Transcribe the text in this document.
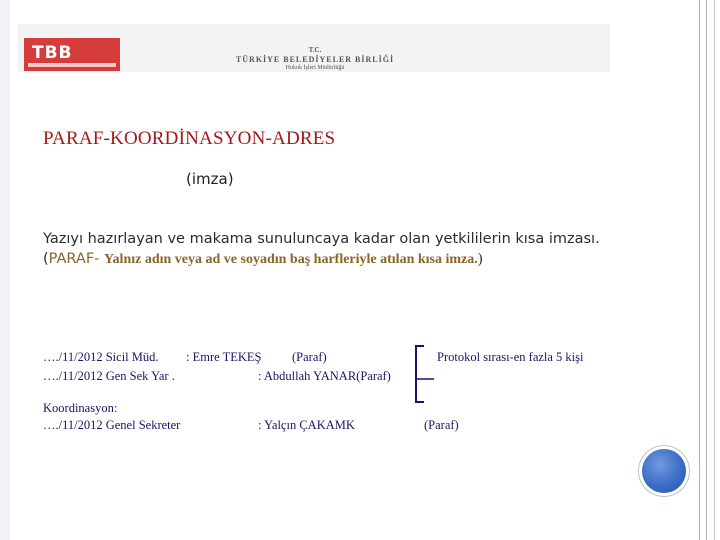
TBB	T.C.
TÜRKİYE BELEDİYELER BİRLİĞİ
Hukuk İşleri Müdürlüğü
PARAF-KOORDİNASYON-ADRES
(imza)
Yazıyı hazırlayan ve makama sunuluncaya kadar olan yetkililerin kısa imzası. (PARAF- Yalnız adın veya ad ve soyadın baş harfleriyle atılan kısa imza.)
…./11/2012 Sicil Müd. : Emre TEKEŞ (Paraf)	Protokol sırası-en fazla 5 kişi
…./11/2012 Gen Sek Yar .	: Abdullah YANAR(Paraf)
Koordinasyon:
…./11/2012 Genel Sekreter	: Yalçın ÇAKAMK	(Paraf)
